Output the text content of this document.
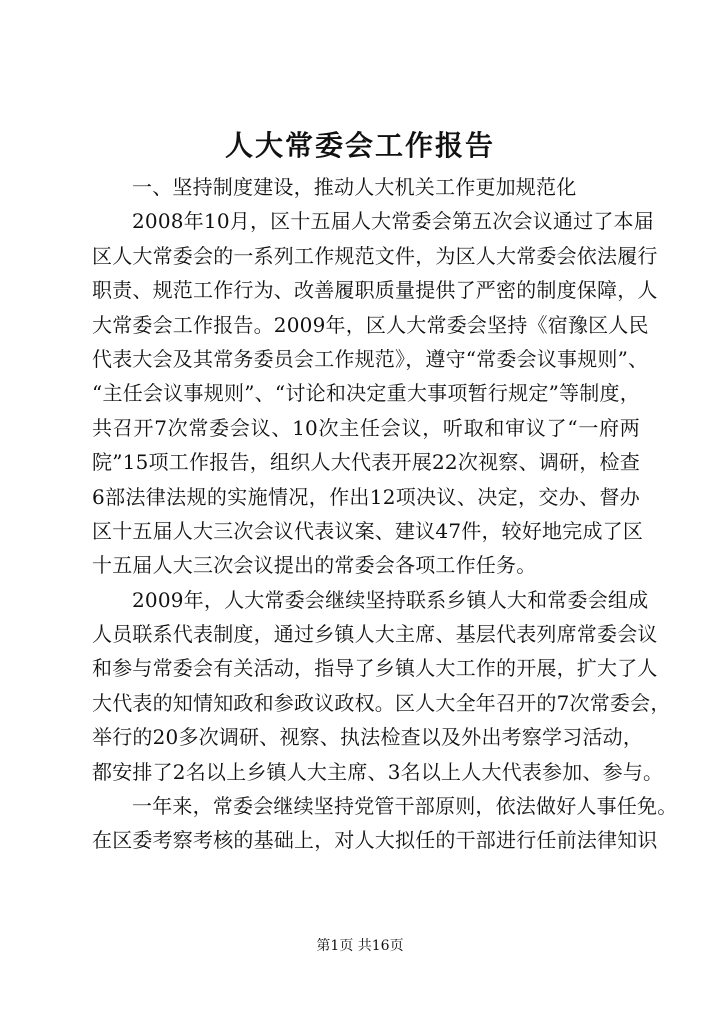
人大常委会工作报告
一、坚持制度建设，推动人大机关工作更加规范化
2008年10月，区十五届人大常委会第五次会议通过了本届
区人大常委会的一系列工作规范文件，为区人大常委会依法履行
职责、规范工作行为、改善履职质量提供了严密的制度保障，人
大常委会工作报告。2009年，区人大常委会坚持《宿豫区人民
代表大会及其常务委员会工作规范》，遵守“常委会议事规则”、
“主任会议事规则”、“讨论和决定重大事项暂行规定”等制度，
共召开7次常委会议、10次主任会议，听取和审议了“一府两
院”15项工作报告，组织人大代表开展22次视察、调研，检查
6部法律法规的实施情况，作出12项决议、决定，交办、督办
区十五届人大三次会议代表议案、建议47件，较好地完成了区
十五届人大三次会议提出的常委会各项工作任务。
2009年，人大常委会继续坚持联系乡镇人大和常委会组成
人员联系代表制度，通过乡镇人大主席、基层代表列席常委会议
和参与常委会有关活动，指导了乡镇人大工作的开展，扩大了人
大代表的知情知政和参政议政权。区人大全年召开的7次常委会，
举行的20多次调研、视察、执法检查以及外出考察学习活动，
都安排了2名以上乡镇人大主席、3名以上人大代表参加、参与。
一年来，常委会继续坚持党管干部原则，依法做好人事任免。
在区委考察考核的基础上，对人大拟任的干部进行任前法律知识
第1页 共16页
